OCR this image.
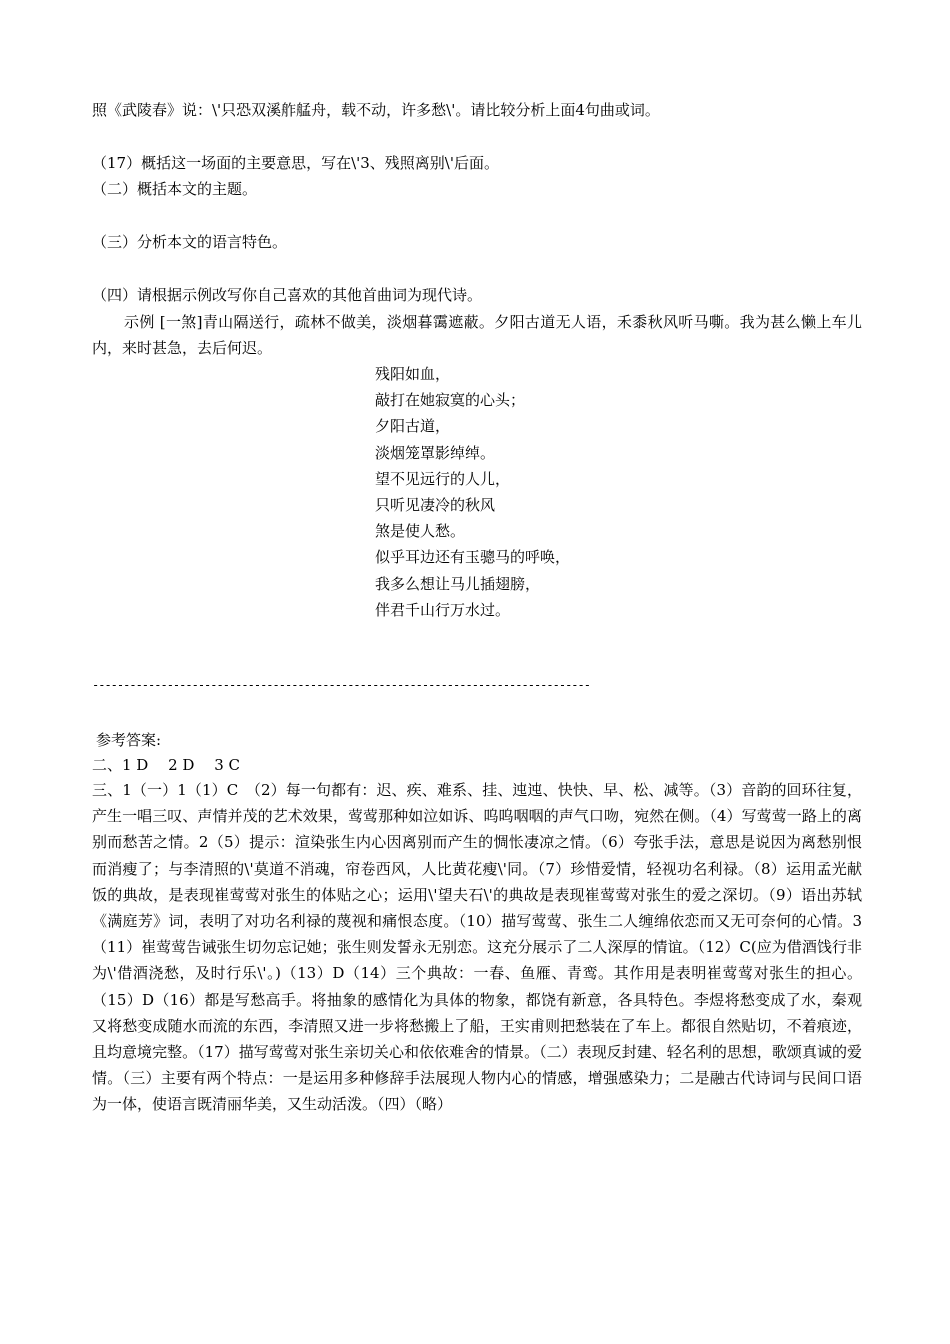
照《武陵春》说：\'只恐双溪舴艋舟，载不动，许多愁\'。请比较分析上面4句曲或词。
（17）概括这一场面的主要意思，写在\'3、残照离别\'后面。
（二）概括本文的主题。
（三）分析本文的语言特色。
（四）请根据示例改写你自己喜欢的其他首曲词为现代诗。
示例 [一煞]青山隔送行，疏林不做美，淡烟暮霭遮蔽。夕阳古道无人语，禾黍秋风听马嘶。我为甚么懒上车儿内，来时甚急，去后何迟。
残阳如血，
敲打在她寂寞的心头；
夕阳古道，
淡烟笼罩影绰绰。
望不见远行的人儿，
只听见凄冷的秋风
煞是使人愁。
似乎耳边还有玉骢马的呼唤，
我多么想让马儿插翅膀，
伴君千山行万水过。
--------------------------------------------------------------------------------
参考答案:
二、1 D　 2 D　 3 C
三、1（一）1（1）C　（2）每一句都有：迟、疾、难系、挂、迍迍、快快、早、松、减等。（3）音韵的回环往复，产生一唱三叹、声情并茂的艺术效果，莺莺那种如泣如诉、呜呜咽咽的声气口吻，宛然在侧。（4）写莺莺一路上的离别而愁苦之情。2（5）提示：渲染张生内心因离别而产生的惆怅凄凉之情。（6）夸张手法，意思是说因为离愁别恨而消瘦了；与李清照的\'莫道不消魂，帘卷西风，人比黄花瘦\'同。（7）珍惜爱情，轻视功名利禄。（8）运用孟光献饭的典故，是表现崔莺莺对张生的体贴之心；运用\'望夫石\'的典故是表现崔莺莺对张生的爱之深切。（9）语出苏轼《满庭芳》词，表明了对功名利禄的蔑视和痛恨态度。（10）描写莺莺、张生二人缠绵依恋而又无可奈何的心情。3（11）崔莺莺告诫张生切勿忘记她；张生则发誓永无别恋。这充分展示了二人深厚的情谊。（12）C(应为借酒饯行非为\'借酒浇愁，及时行乐\'。)（13）D（14）三个典故：一春、鱼雁、青鸾。其作用是表明崔莺莺对张生的担心。（15）D（16）都是写愁高手。将抽象的感情化为具体的物象，都饶有新意，各具特色。李煜将愁变成了水，秦观又将愁变成随水而流的东西，李清照又进一步将愁搬上了船，王实甫则把愁装在了车上。都很自然贴切，不着痕迹，且均意境完整。（17）描写莺莺对张生亲切关心和依依难舍的情景。（二）表现反封建、轻名利的思想，歌颂真诚的爱情。（三）主要有两个特点：一是运用多种修辞手法展现人物内心的情感，增强感染力；二是融古代诗词与民间口语为一体，使语言既清丽华美，又生动活泼。（四）（略）
